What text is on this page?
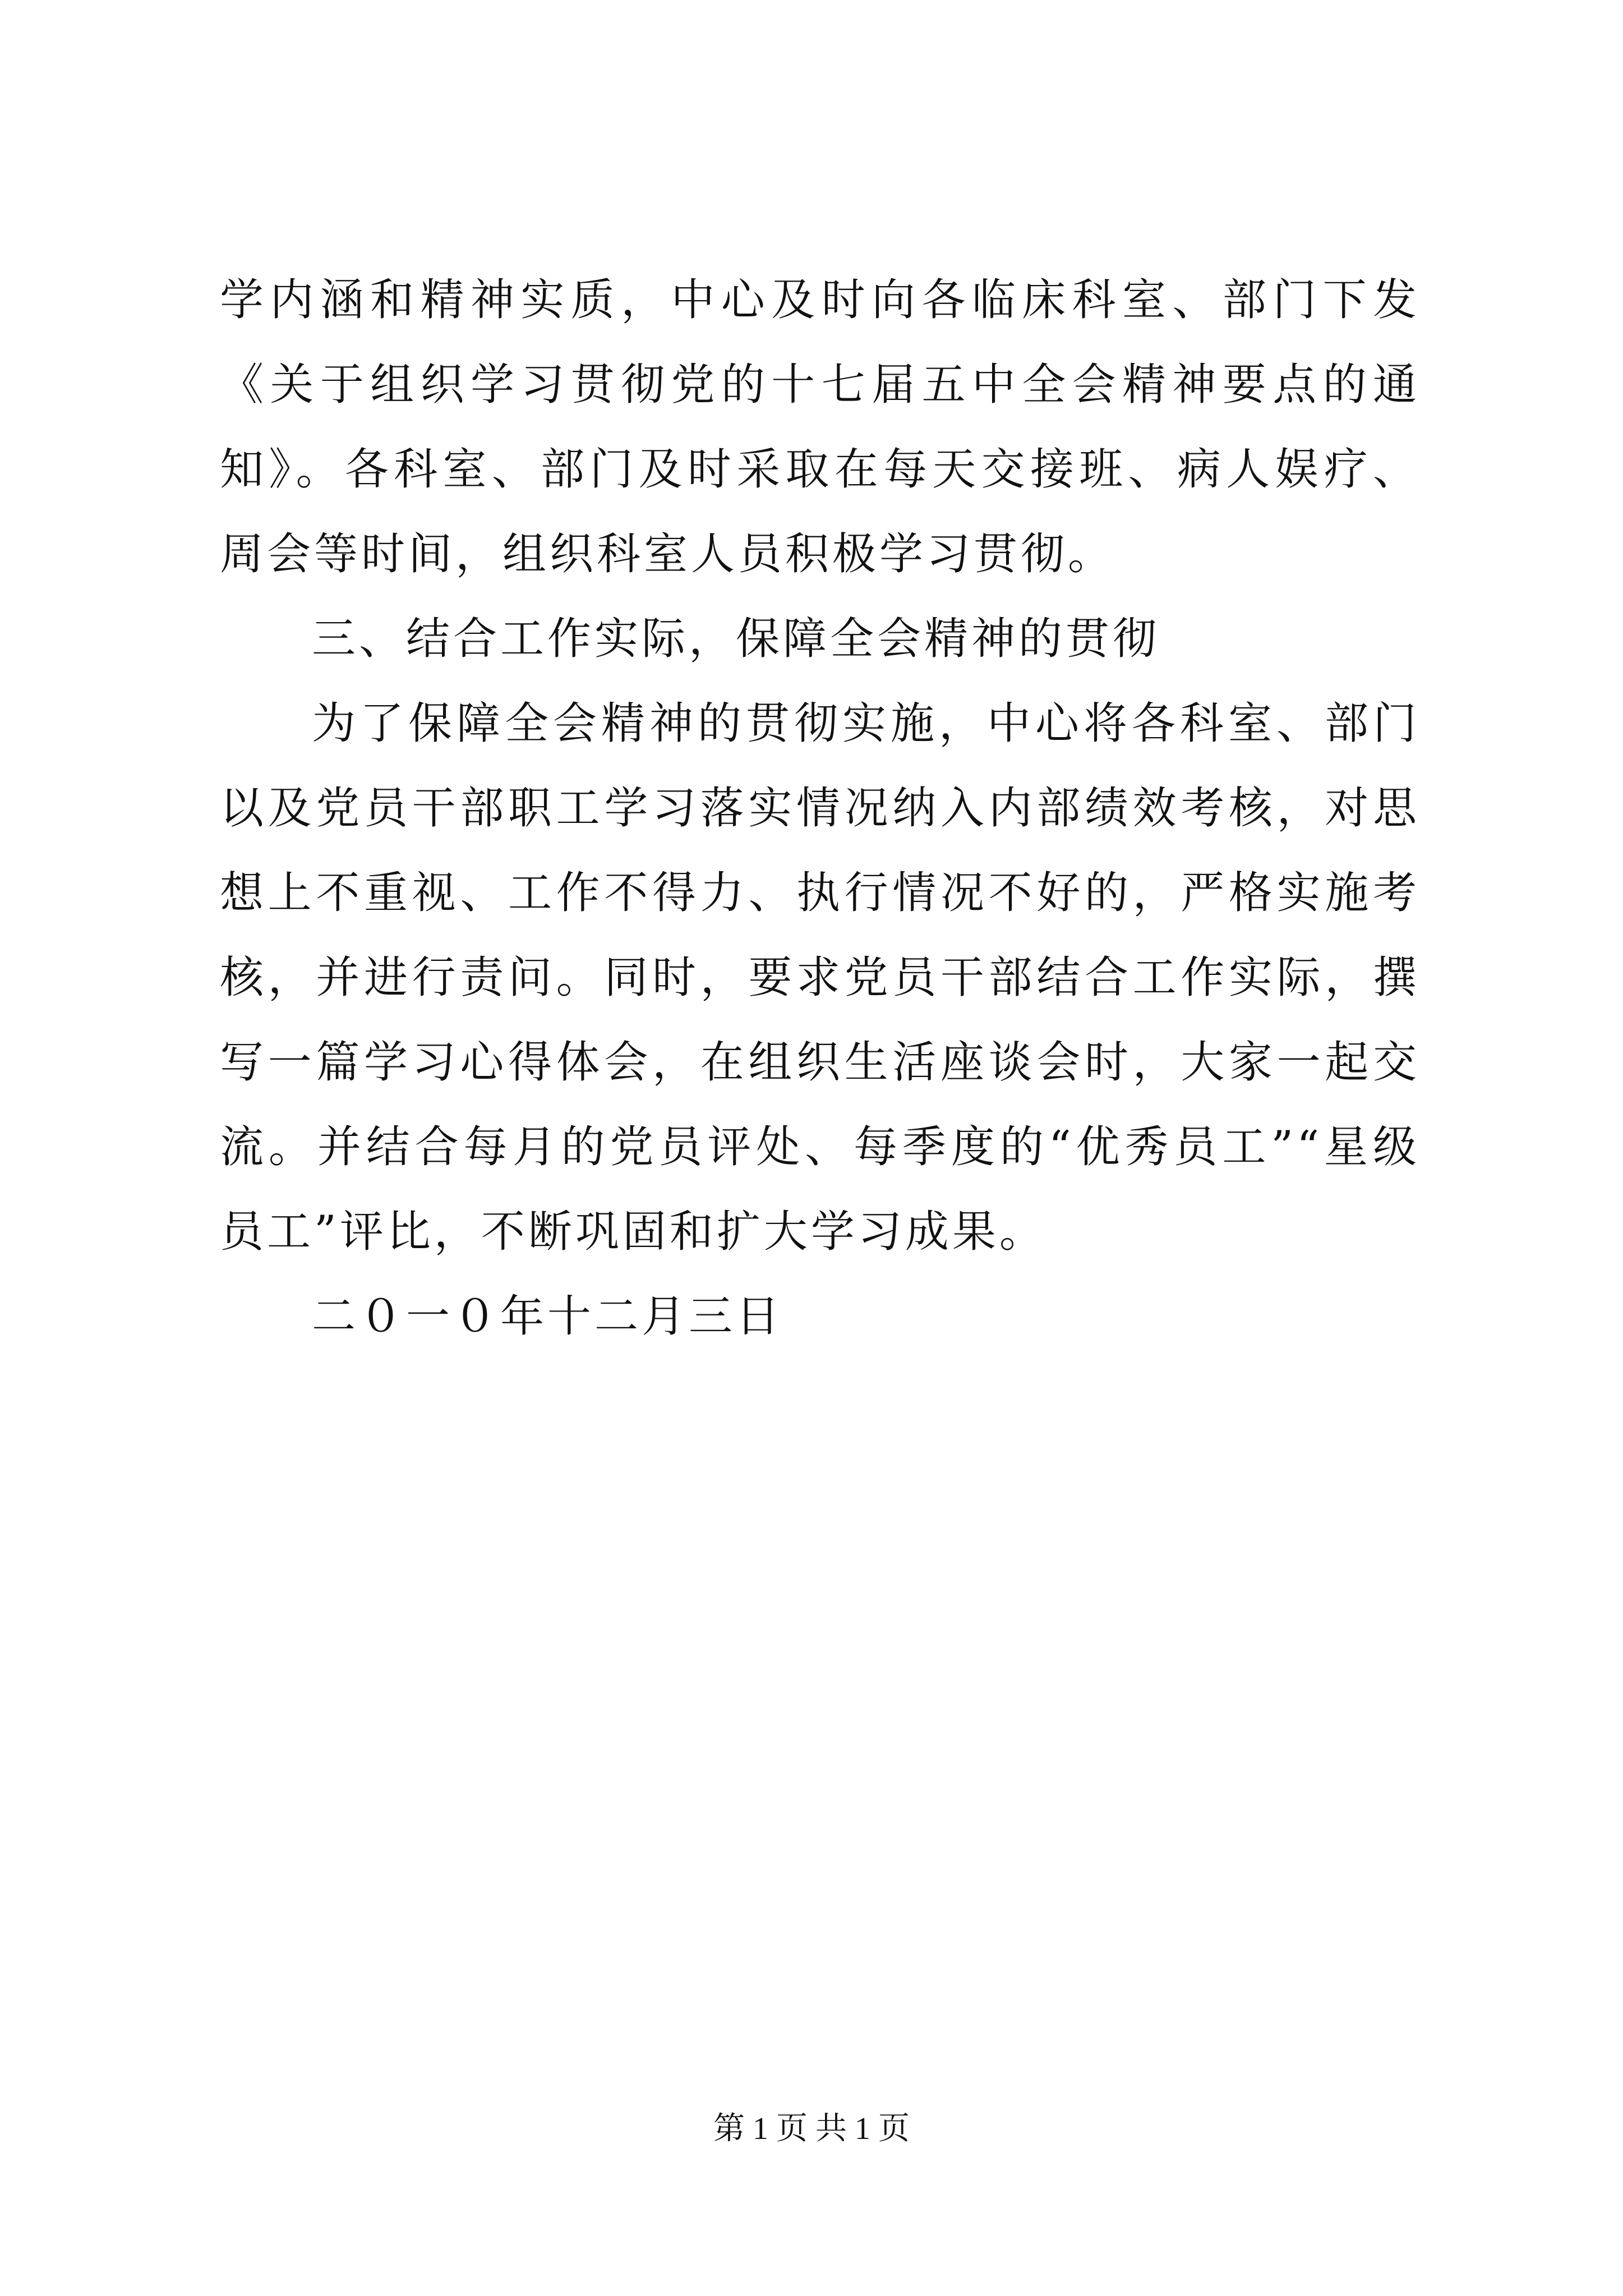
学内涵和精神实质，中心及时向各临床科室、部门下发《关于组织学习贯彻党的十七届五中全会精神要点的通知》。各科室、部门及时采取在每天交接班、病人娱疗、周会等时间，组织科室人员积极学习贯彻。

三、结合工作实际，保障全会精神的贯彻

为了保障全会精神的贯彻实施，中心将各科室、部门以及党员干部职工学习落实情况纳入内部绩效考核，对思想上不重视、工作不得力、执行情况不好的，严格实施考核，并进行责问。同时，要求党员干部结合工作实际，撰写一篇学习心得体会，在组织生活座谈会时，大家一起交流。并结合每月的党员评处、每季度的“优秀员工”“星级员工”评比，不断巩固和扩大学习成果。

二０一０年十二月三日

第 1 页 共 1 页
